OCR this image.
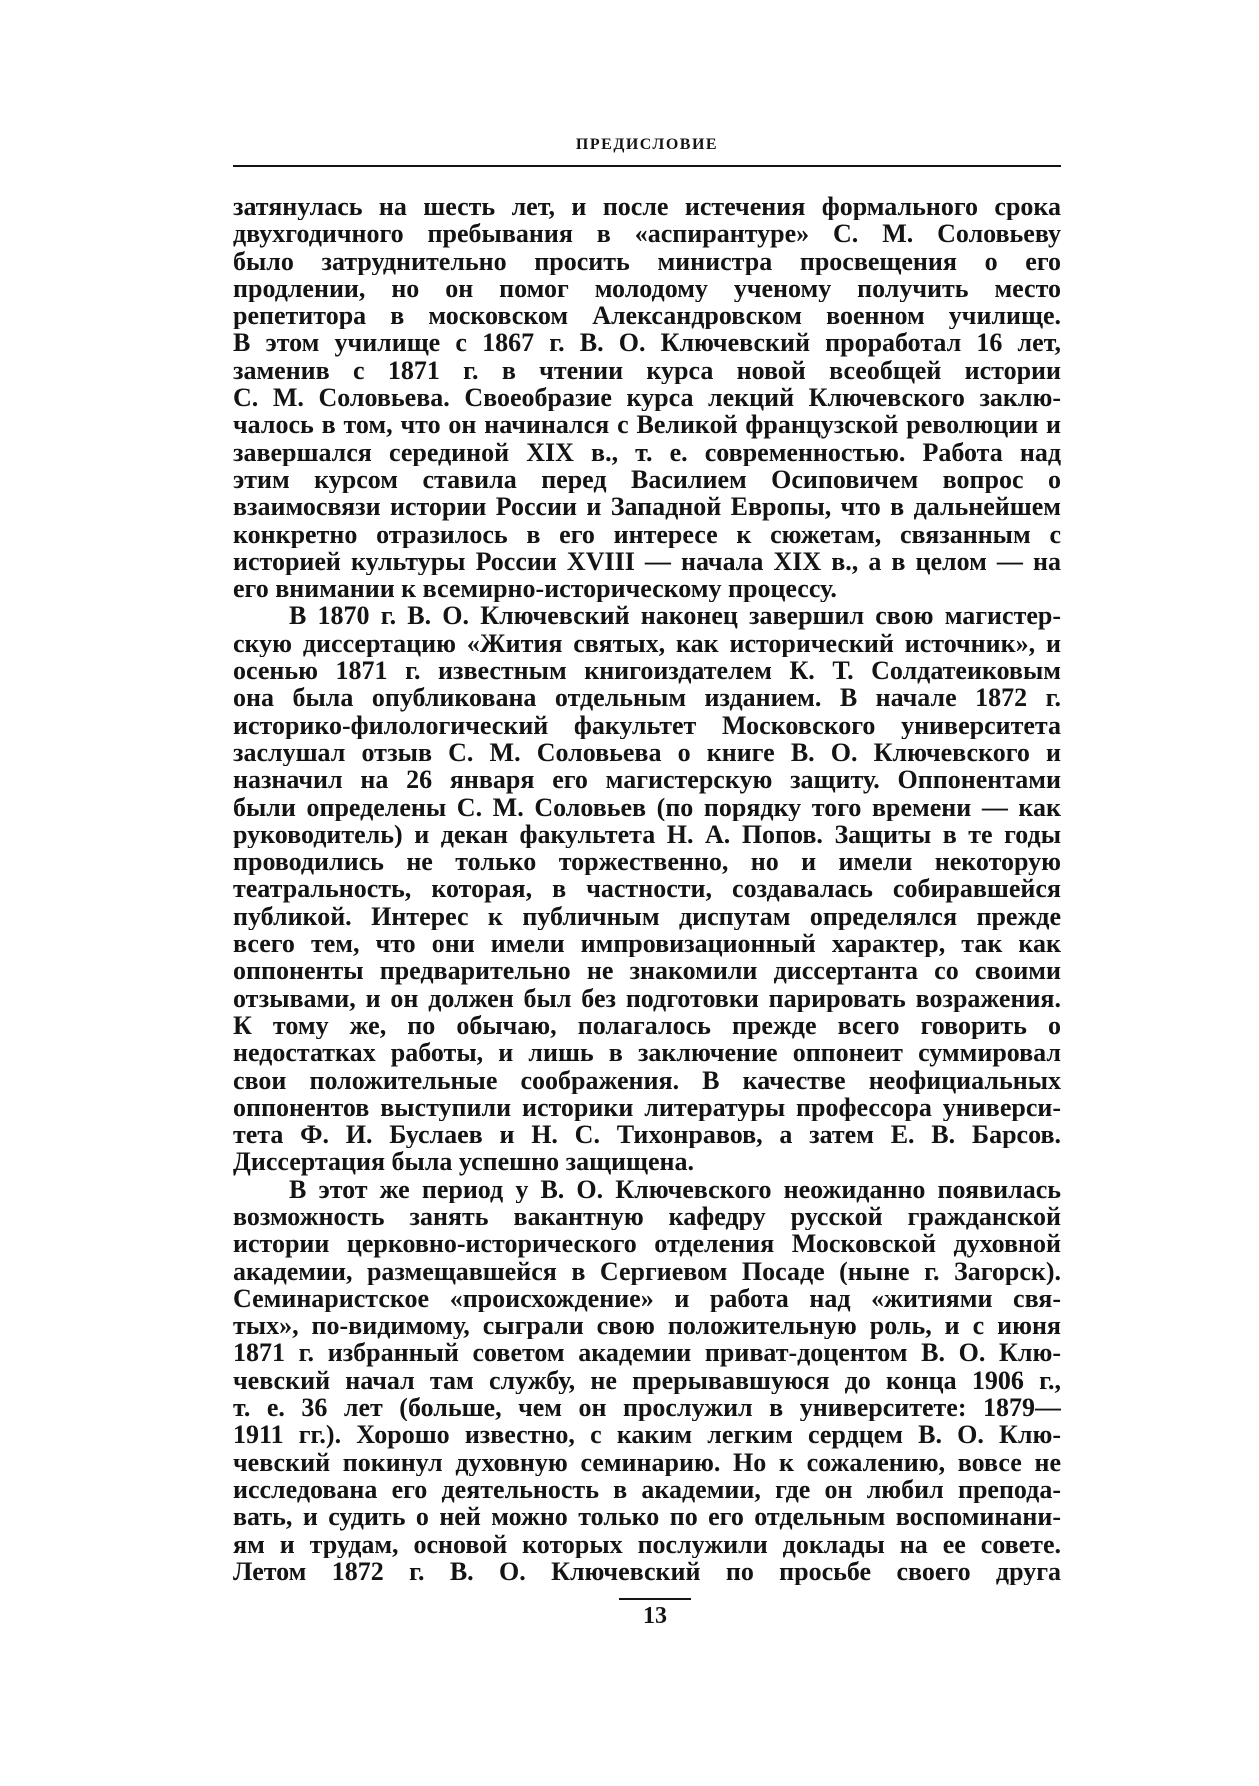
ПРЕДИСЛОВИЕ
затянулась на шесть лет, и после истечения формального срока
двухгодичного пребывания в «аспирантуре» С. М. Соловьеву
было затруднительно просить министра просвещения о его
продлении, но он помог молодому ученому получить место
репетитора в московском Александровском военном училище.
В этом училище с 1867 г. В. О. Ключевский проработал 16 лет,
заменив с 1871 г. в чтении курса новой всеобщей истории
С. М. Соловьева. Своеобразие курса лекций Ключевского заклю-
чалось в том, что он начинался с Великой французской революции и
завершался серединой XIX в., т. е. современностью. Работа над
этим курсом ставила перед Василием Осиповичем вопрос о
взаимосвязи истории России и Западной Европы, что в дальнейшем
конкретно отразилось в его интересе к сюжетам, связанным с
историей культуры России XVIII — начала XIX в., а в целом — на
его внимании к всемирно-историческому процессу.
В 1870 г. В. О. Ключевский наконец завершил свою магистер-
скую диссертацию «Жития святых, как исторический источник», и
осенью 1871 г. известным книгоиздателем К. Т. Солдатеиковым
она была опубликована отдельным изданием. В начале 1872 г.
историко-филологический факультет Московского университета
заслушал отзыв С. М. Соловьева о книге В. О. Ключевского и
назначил на 26 января его магистерскую защиту. Оппонентами
были определены С. М. Соловьев (по порядку того времени — как
руководитель) и декан факультета Н. А. Попов. Защиты в те годы
проводились не только торжественно, но и имели некоторую
театральность, которая, в частности, создавалась собиравшейся
публикой. Интерес к публичным диспутам определялся прежде
всего тем, что они имели импровизационный характер, так как
оппоненты предварительно не знакомили диссертанта со своими
отзывами, и он должен был без подготовки парировать возражения.
К тому же, по обычаю, полагалось прежде всего говорить о
недостатках работы, и лишь в заключение оппонеит суммировал
свои положительные соображения. В качестве неофициальных
оппонентов выступили историки литературы профессора универси-
тета Ф. И. Буслаев и Н. С. Тихонравов, а затем Е. В. Барсов.
Диссертация была успешно защищена.
В этот же период у В. О. Ключевского неожиданно появилась
возможность занять вакантную кафедру русской гражданской
истории церковно-исторического отделения Московской духовной
академии, размещавшейся в Сергиевом Посаде (ныне г. Загорск).
Семинаристское «происхождение» и работа над «житиями свя-
тых», по-видимому, сыграли свою положительную роль, и с июня
1871 г. избранный советом академии приват-доцентом В. О. Клю-
чевский начал там службу, не прерывавшуюся до конца 1906 г.,
т. е. 36 лет (больше, чем он прослужил в университете: 1879—
1911 гг.). Хорошо известно, с каким легким сердцем В. О. Клю-
чевский покинул духовную семинарию. Но к сожалению, вовсе не
исследована его деятельность в академии, где он любил препода-
вать, и судить о ней можно только по его отдельным воспоминани-
ям и трудам, основой которых послужили доклады на ее совете.
Летом 1872 г. В. О. Ключевский по просьбе своего друга
13
